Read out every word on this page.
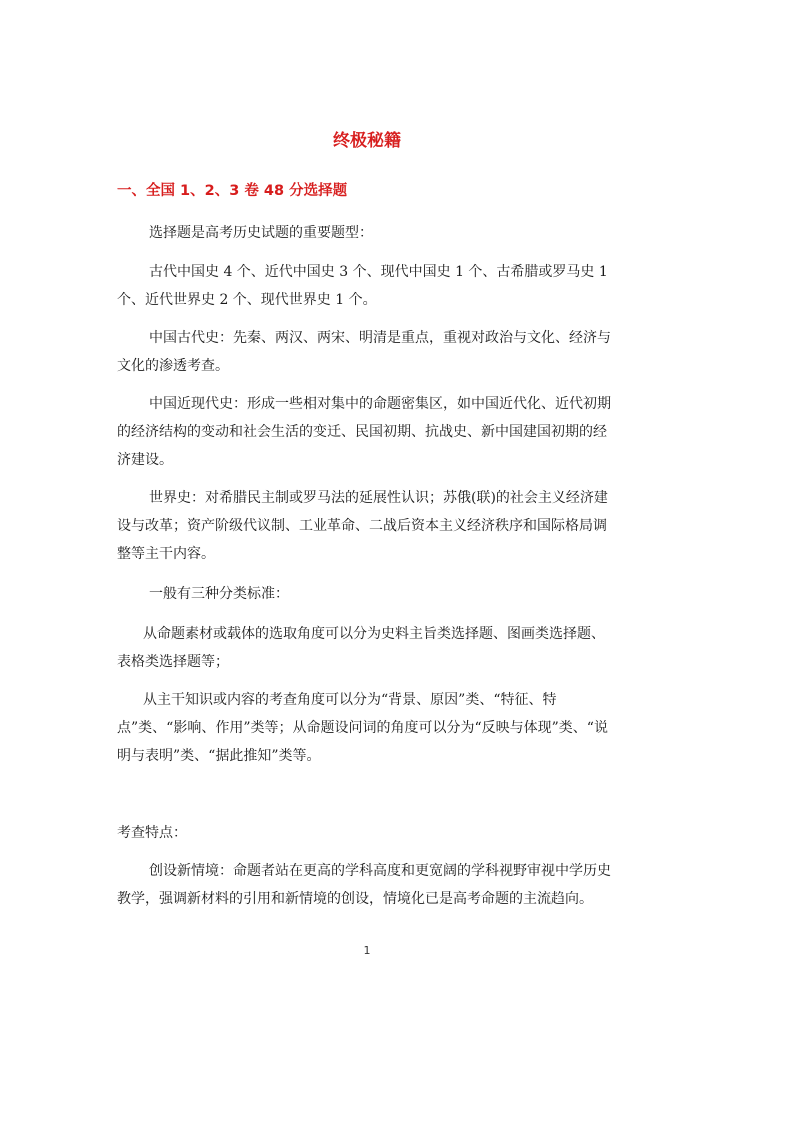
终极秘籍
一、全国 1、2、3 卷 48 分选择题

选择题是高考历史试题的重要题型：

古代中国史 4 个、近代中国史 3 个、现代中国史 1 个、古希腊或罗马史 1 个、近代世界史 2 个、现代世界史 1 个。

中国古代史：先秦、两汉、两宋、明清是重点，重视对政治与文化、经济与文化的渗透考查。

中国近现代史：形成一些相对集中的命题密集区，如中国近代化、近代初期的经济结构的变动和社会生活的变迁、民国初期、抗战史、新中国建国初期的经济建设。

世界史：对希腊民主制或罗马法的延展性认识；苏俄(联)的社会主义经济建设与改革；资产阶级代议制、工业革命、二战后资本主义经济秩序和国际格局调整等主干内容。

一般有三种分类标准：

从命题素材或载体的选取角度可以分为史料主旨类选择题、图画类选择题、表格类选择题等；

从主干知识或内容的考查角度可以分为“背景、原因”类、“特征、特点”类、“影响、作用”类等；从命题设问词的角度可以分为“反映与体现”类、“说明与表明”类、“据此推知”类等。

考查特点：

创设新情境：命题者站在更高的学科高度和更宽阔的学科视野审视中学历史教学，强调新材料的引用和新情境的创设，情境化已是高考命题的主流趋向。

1
